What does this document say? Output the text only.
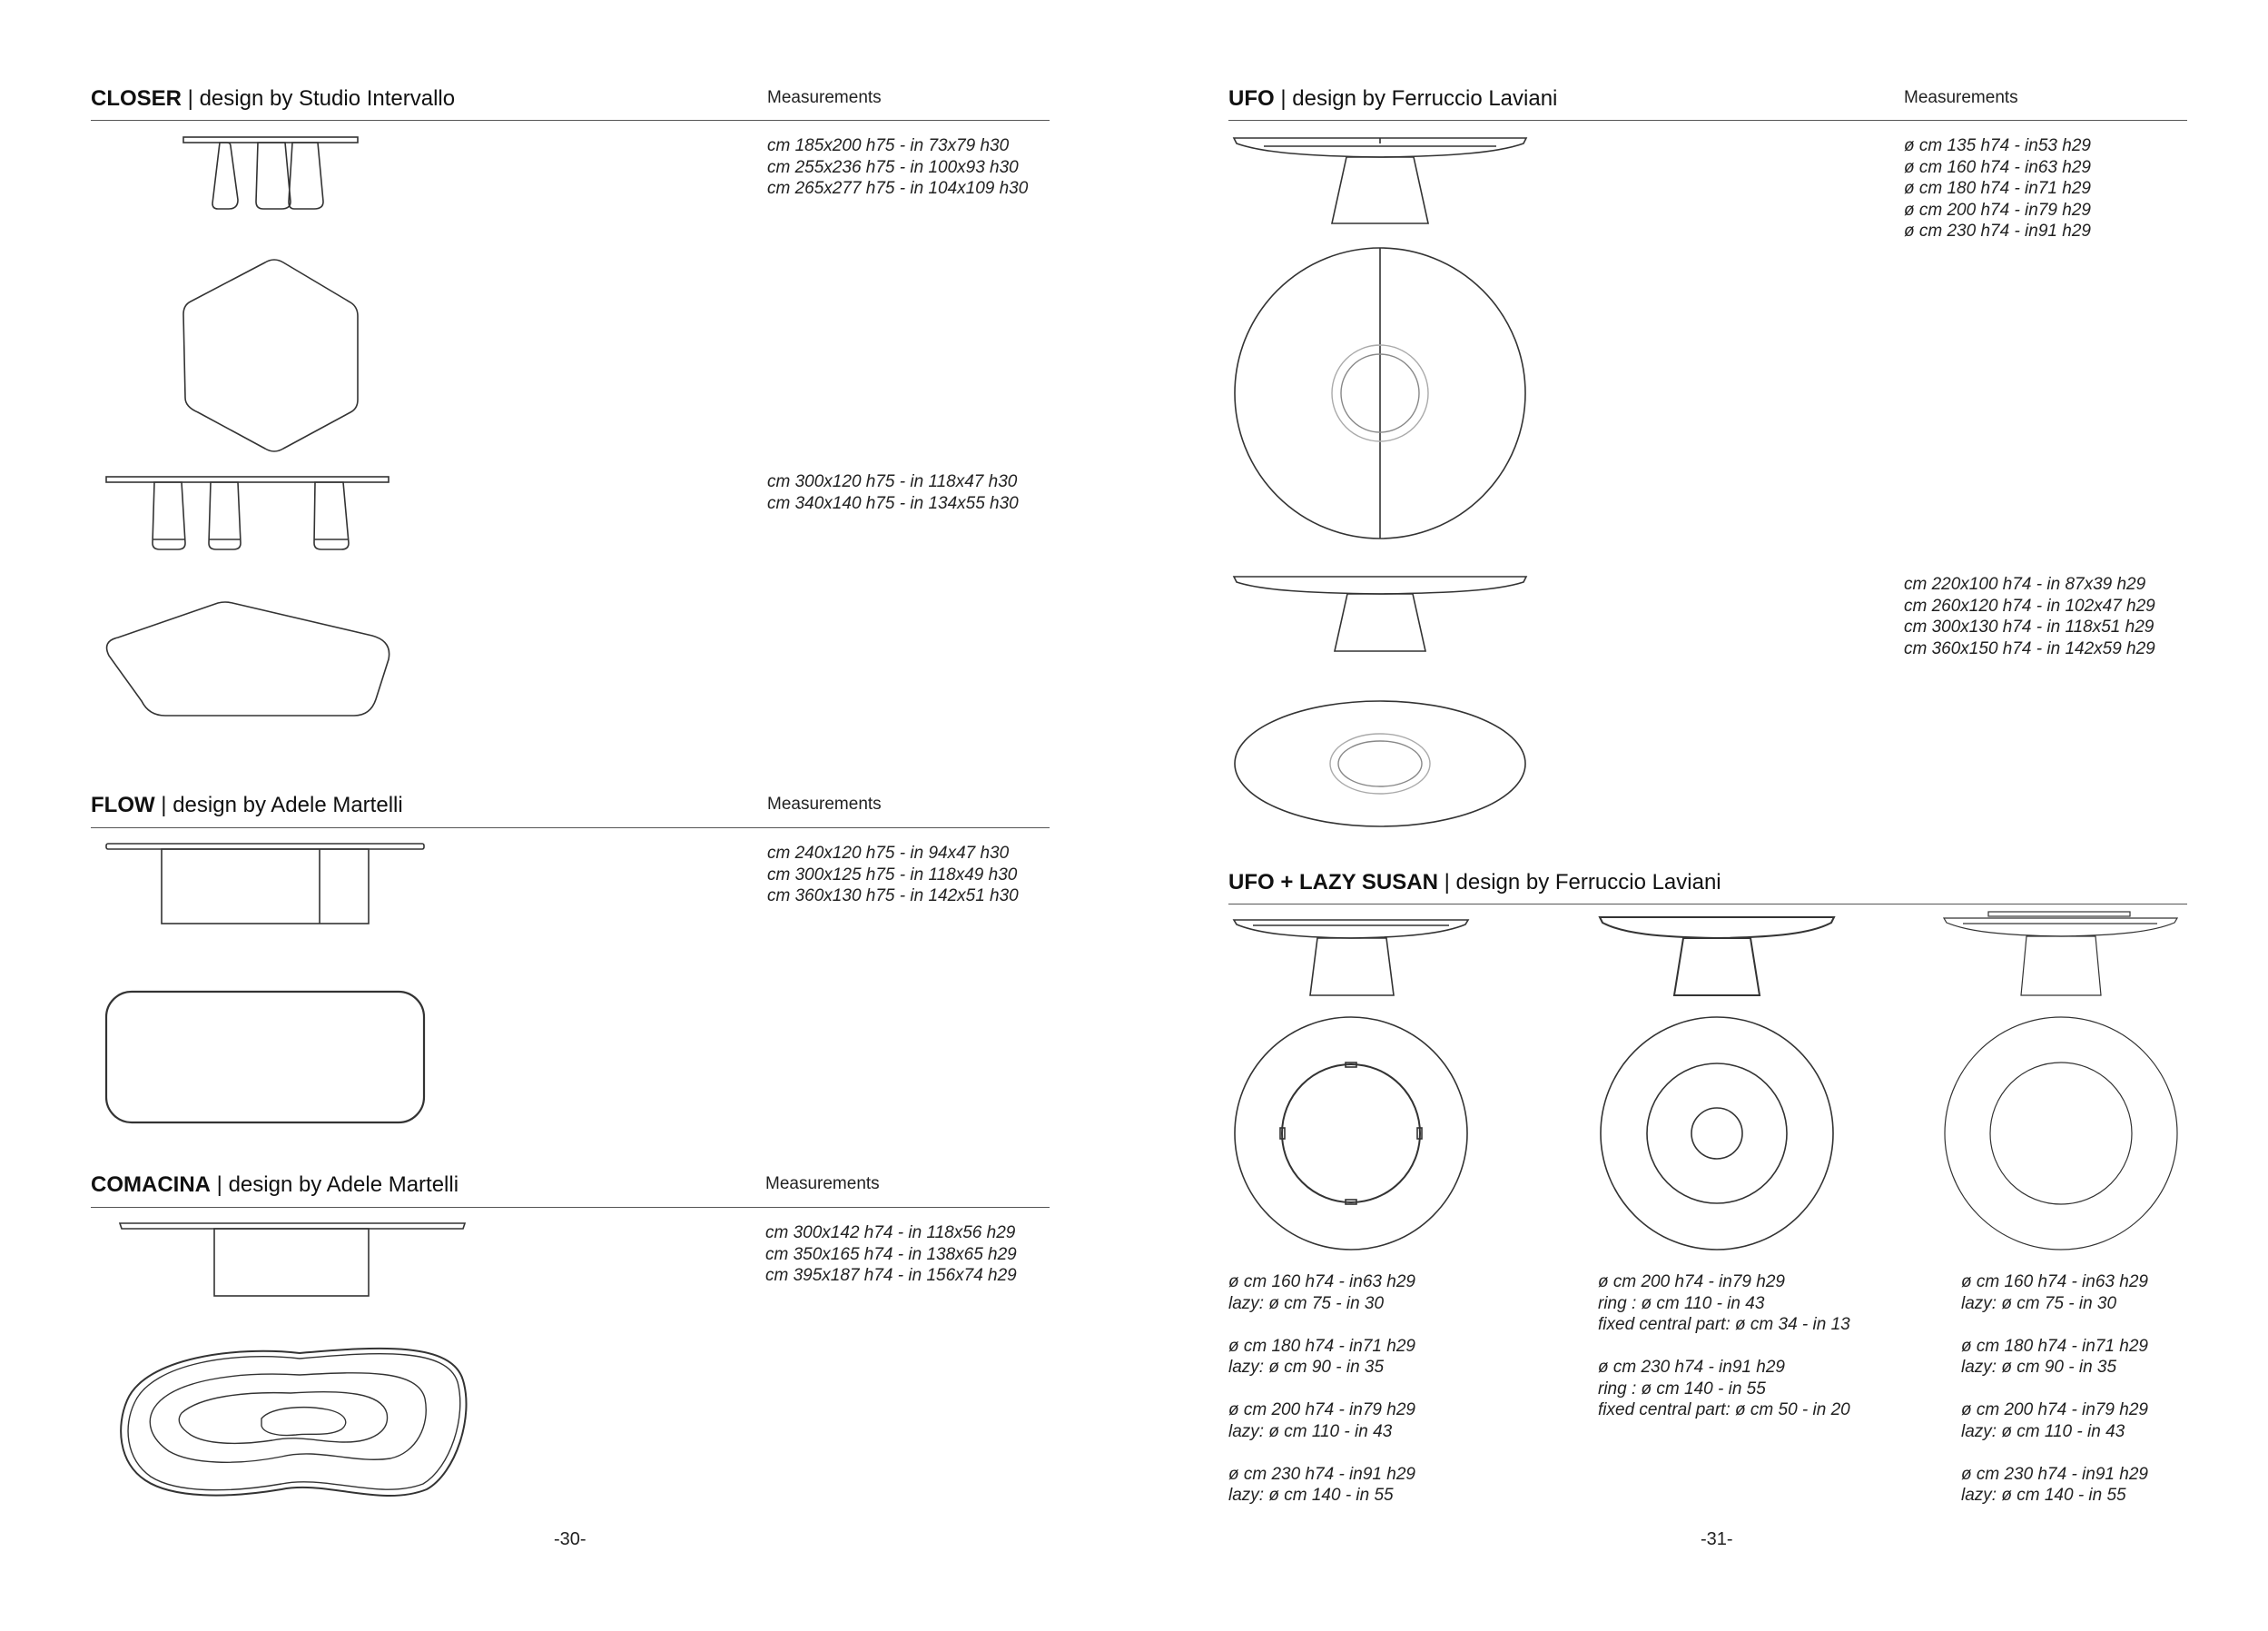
CLOSER | design by Studio Intervallo	Measurements
cm 185x200 h75 - in 73x79 h30
cm 255x236 h75 - in 100x93 h30
cm 265x277 h75 - in 104x109 h30
cm 300x120 h75 - in 118x47 h30
cm 340x140 h75 - in 134x55 h30
FLOW | design by Adele Martelli	Measurements
cm 240x120 h75 - in 94x47 h30
cm 300x125 h75 - in 118x49 h30
cm 360x130 h75 - in 142x51 h30
COMACINA | design by Adele Martelli	Measurements
cm 300x142 h74 - in 118x56 h29
cm 350x165 h74 - in 138x65 h29
cm 395x187 h74 - in 156x74 h29
-30-
UFO | design by Ferruccio Laviani	Measurements
ø cm 135 h74 - in53 h29
ø cm 160 h74 - in63 h29
ø cm 180 h74 - in71 h29
ø cm 200 h74 - in79 h29
ø cm 230 h74 - in91 h29
cm 220x100 h74 - in 87x39 h29
cm 260x120 h74 - in 102x47 h29
cm 300x130 h74 - in 118x51 h29
cm 360x150 h74 - in 142x59 h29
UFO + LAZY SUSAN | design by Ferruccio Laviani
ø cm 160 h74 - in63 h29
lazy: ø cm 75 - in 30
ø cm 180 h74 - in71 h29
lazy: ø cm 90 - in 35
ø cm 200 h74 - in79 h29
lazy: ø cm 110 - in 43
ø cm 230 h74 - in91 h29
lazy: ø cm 140 - in 55
ø cm 200 h74 - in79 h29
ring : ø cm 110 - in 43
fixed central part: ø cm 34 - in 13
ø cm 230 h74 - in91 h29
ring : ø cm 140 - in 55
fixed central part: ø cm 50 - in 20
ø cm 160 h74 - in63 h29
lazy: ø cm 75 - in 30
ø cm 180 h74 - in71 h29
lazy: ø cm 90 - in 35
ø cm 200 h74 - in79 h29
lazy: ø cm 110 - in 43
ø cm 230 h74 - in91 h29
lazy: ø cm 140 - in 55
-31-
